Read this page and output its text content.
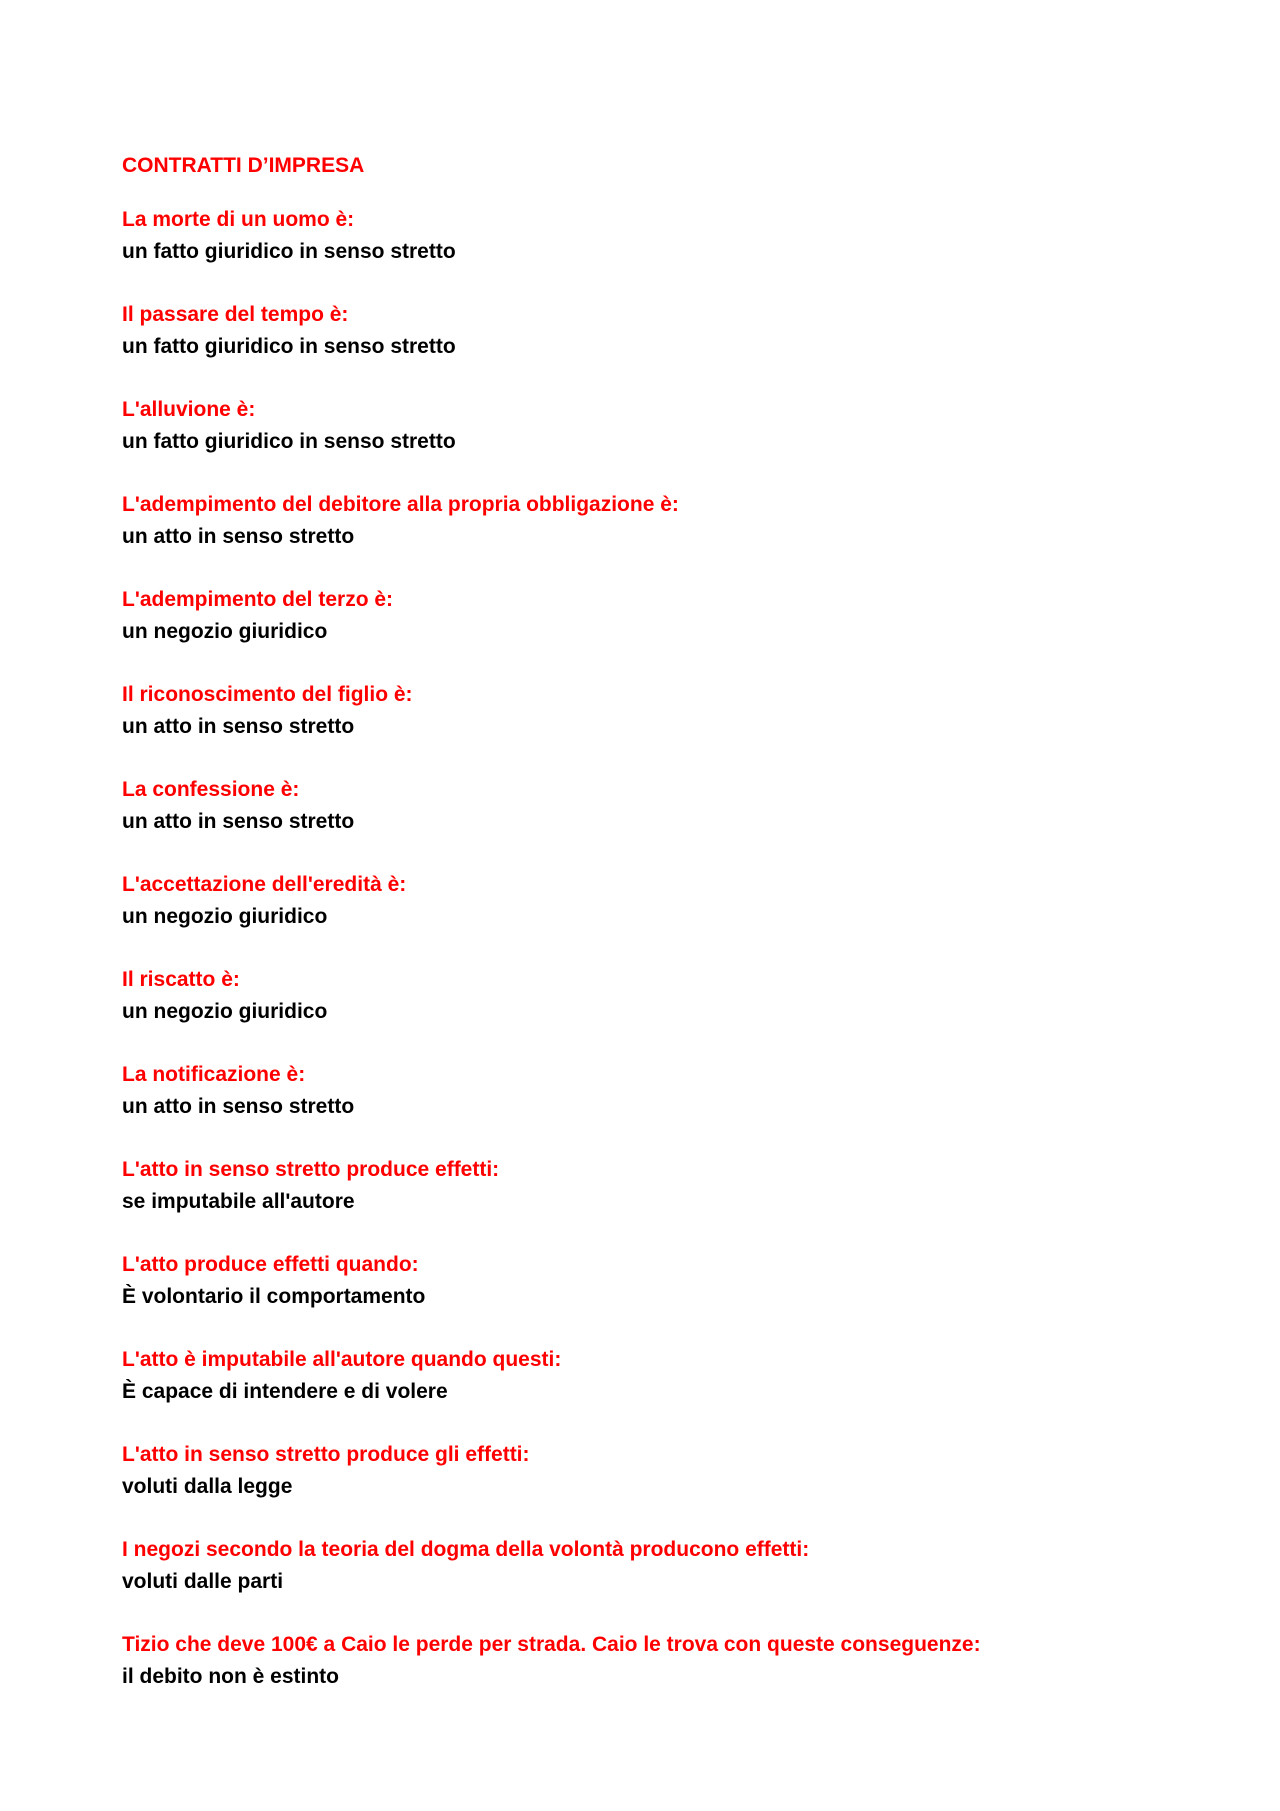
CONTRATTI D’IMPRESA
La morte di un uomo è:
un fatto giuridico in senso stretto
Il passare del tempo è:
un fatto giuridico in senso stretto
L'alluvione è:
un fatto giuridico in senso stretto
L'adempimento del debitore alla propria obbligazione è:
un atto in senso stretto
L'adempimento del terzo è:
un negozio giuridico
Il riconoscimento del figlio è:
un atto in senso stretto
La confessione è:
un atto in senso stretto
L'accettazione dell'eredità è:
un negozio giuridico
Il riscatto è:
un negozio giuridico
La notificazione è:
un atto in senso stretto
L'atto in senso stretto produce effetti:
se imputabile all'autore
L'atto produce effetti quando:
È volontario il comportamento
L'atto è imputabile all'autore quando questi:
È capace di intendere e di volere
L'atto in senso stretto produce gli effetti:
voluti dalla legge
I negozi secondo la teoria del dogma della volontà producono effetti:
voluti dalle parti
Tizio che deve 100€ a Caio le perde per strada. Caio le trova con queste conseguenze:
il debito non è estinto
